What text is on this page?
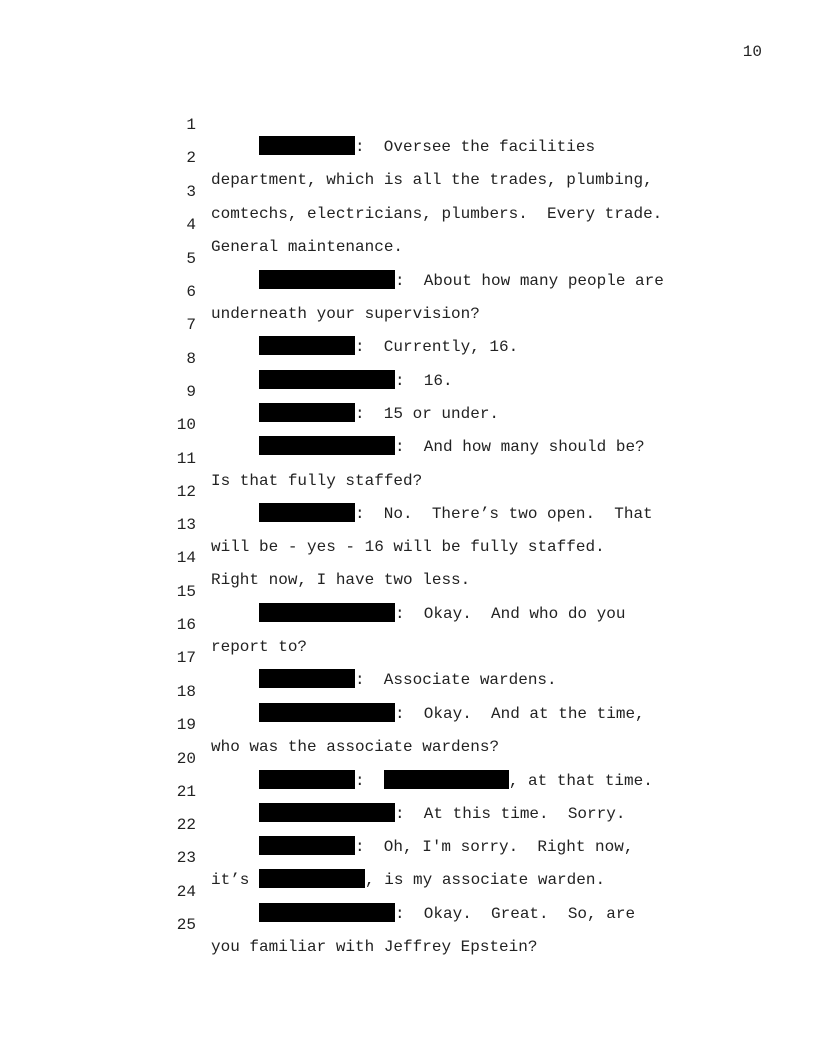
10

1

:  Oversee the facilities

2

department, which is all the trades, plumbing,

3

comtechs, electricians, plumbers.  Every trade.

4

General maintenance.

5

:  About how many people are

6

underneath your supervision?

7

:  Currently, 16.

8

:  16.

9

:  15 or under.

10

:  And how many should be?

11

Is that fully staffed?

12

:  No.  There’s two open.  That

13

will be - yes - 16 will be fully staffed.

14

Right now, I have two less.

15

:  Okay.  And who do you

16

report to?

17

:  Associate wardens.

18

:  Okay.  And at the time,

19

who was the associate wardens?

20

:	, at that time.

21

:  At this time.  Sorry.

22

:  Oh, I'm sorry.  Right now,

23

it’s	, is my associate warden.

24

:  Okay.  Great.  So, are

25

you familiar with Jeffrey Epstein?
